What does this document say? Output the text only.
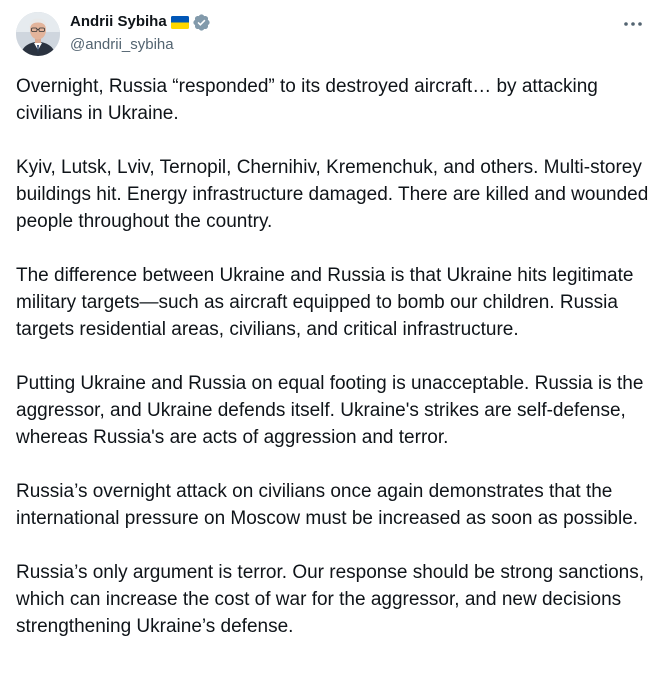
Andrii Sybiha
@andrii_sybiha

Overnight, Russia “responded” to its destroyed aircraft… by attacking civilians in Ukraine.

Kyiv, Lutsk, Lviv, Ternopil, Chernihiv, Kremenchuk, and others. Multi-storey buildings hit. Energy infrastructure damaged. There are killed and wounded people throughout the country.

The difference between Ukraine and Russia is that Ukraine hits legitimate military targets—such as aircraft equipped to bomb our children. Russia targets residential areas, civilians, and critical infrastructure.

Putting Ukraine and Russia on equal footing is unacceptable. Russia is the aggressor, and Ukraine defends itself. Ukraine's strikes are self-defense, whereas Russia's are acts of aggression and terror.

Russia’s overnight attack on civilians once again demonstrates that the international pressure on Moscow must be increased as soon as possible.

Russia’s only argument is terror. Our response should be strong sanctions, which can increase the cost of war for the aggressor, and new decisions strengthening Ukraine’s defense.
